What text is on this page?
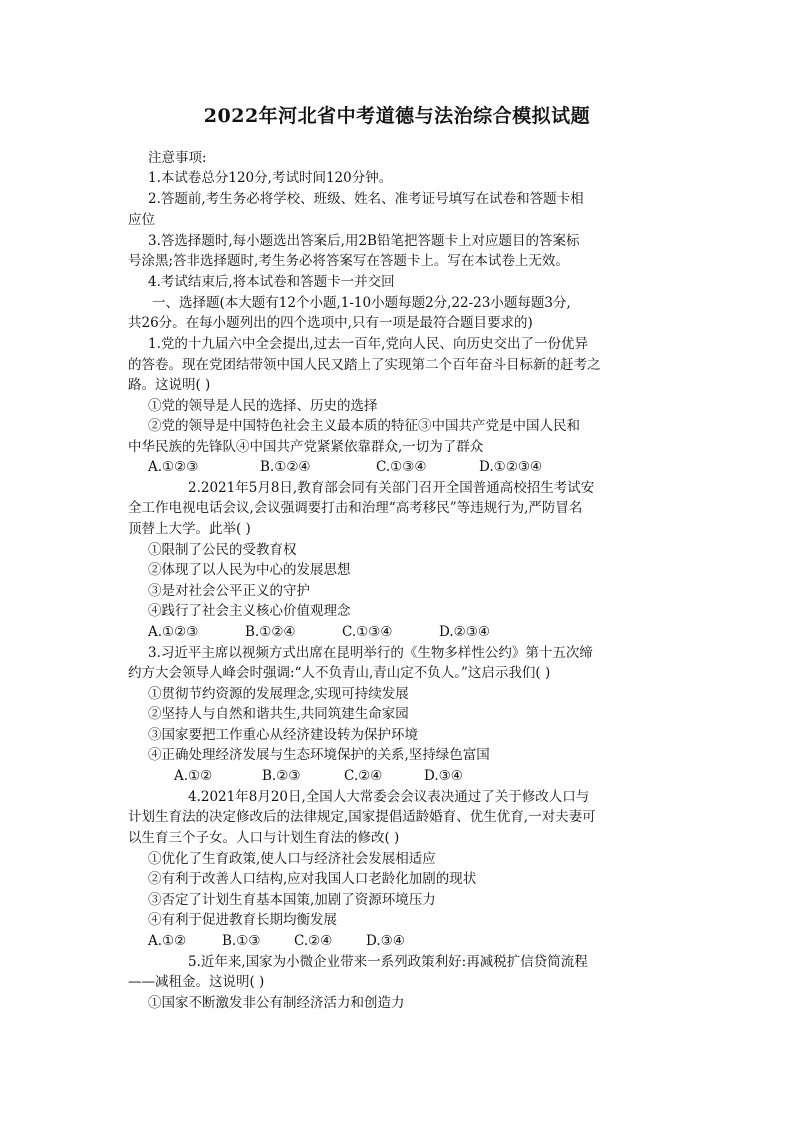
2022年河北省中考道德与法治综合模拟试题
注意事项:
1.本试卷总分120分,考试时间120分钟。
2.答题前,考生务必将学校、班级、姓名、准考证号填写在试卷和答题卡相
应位
3.答选择题时,每小题选出答案后,用2B铅笔把答题卡上对应题目的答案标
号涂黑;答非选择题时,考生务必将答案写在答题卡上。写在本试卷上无效。
4.考试结束后,将本试卷和答题卡一并交回
一、选择题(本大题有12个小题,1-10小题每题2分,22-23小题每题3分,
共26分。在每小题列出的四个选项中,只有一项是最符合题目要求的)
1.党的十九届六中全会提出,过去一百年,党向人民、向历史交出了一份优异
的答卷。现在党团结带领中国人民又踏上了实现第二个百年奋斗目标新的赶考之
路。这说明( )
①党的领导是人民的选择、历史的选择
②党的领导是中国特色社会主义最本质的特征③中国共产党是中国人民和
中华民族的先锋队④中国共产党紧紧依靠群众,一切为了群众
A.①②③	B.①②④	C.①③④	D.①②③④
2.2021年5月8日,教育部会同有关部门召开全国普通高校招生考试安
全工作电视电话会议,会议强调要打击和治理“高考移民”等违规行为,严防冒名
顶替上大学。此举( )
①限制了公民的受教育权
②体现了以人民为中心的发展思想
③是对社会公平正义的守护
④践行了社会主义核心价值观理念
A.①②③	B.①②④	C.①③④	D.②③④
3.习近平主席以视频方式出席在昆明举行的《生物多样性公约》第十五次缔
约方大会领导人峰会时强调:“人不负青山,青山定不负人。”这启示我们( )
①贯彻节约资源的发展理念,实现可持续发展
②坚持人与自然和谐共生,共同筑建生命家园
③国家要把工作重心从经济建设转为保护环境
④正确处理经济发展与生态环境保护的关系,坚持绿色富国
A.①②	B.②③	C.②④	D.③④
4.2021年8月20日,全国人大常委会会议表决通过了关于修改人口与
计划生育法的决定修改后的法律规定,国家提倡适龄婚育、优生优育,一对夫妻可
以生育三个子女。人口与计划生育法的修改( )
①优化了生育政策,使人口与经济社会发展相适应
②有利于改善人口结构,应对我国人口老龄化加剧的现状
③否定了计划生育基本国策,加剧了资源环境压力
④有利于促进教育长期均衡发展
A.①②	B.①③ C.②④ D.③④
5.近年来,国家为小微企业带来一系列政策利好:再减税扩信贷简流程
——减租金。这说明( )
①国家不断激发非公有制经济活力和创造力
